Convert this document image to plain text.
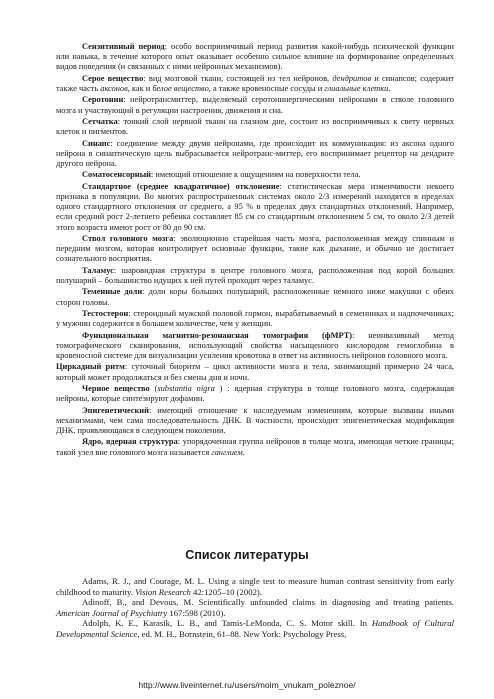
Сензитивный период: особо восприимчивый период развития какой-нибудь психической функции или навыка, в течение которого опыт оказывает особенно сильное влияние на формирование определенных видов поведения (и связанных с ними нейронных механизмов).

Серое вещество: вид мозговой ткани, состоящей из тел нейронов, дендритов и синапсов; содержит также часть аксонов, как и белое вещество, а также кровеносные сосуды и глиальные клетки.

Серотонин: нейротрансмиттер, выделяемый серотонинергическими нейронами в стволе головного мозга и участвующий в регуляции настроения, движения и сна.

Сетчатка: тонкий слой нервной ткани на глазном дне, состоит из восприимчивых к свету нервных клеток и пигментов.

Синапс: соединение между двумя нейронами, где происходит их коммуникация: из аксона одного нейрона в синаптическую щель выбрасывается нейротранс-миттер, его воспринимает рецептор на дендрите другого нейрона.

Соматосенсорный: имеющий отношение к ощущениям на поверхности тела.

Стандартное (среднее квадратичное) отклонение: статистическая мера изменчивости некоего признака в популяции. Во многих распространенных системах около 2/3 измерений находятся в пределах одного стандартного отклонения от среднего, а 95 % в пределах двух стандартных отклонений. Например, если средний рост 2-летнего ребенка составляет 85 см со стандартным отклонением 5 см, то около 2/3 детей этого возраста имеют рост от 80 до 90 см.

Ствол головного мозга: эволюционно старейшая часть мозга, расположенная между спинным и передним мозгом, которая контролирует основные функции, такие как дыхание, и обычно не достигает сознательного восприятия.

Таламус: шаровидная структура в центре головного мозга, расположенная под корой больших полушарий – большинство идущих к ней путей проходят через таламус.

Теменные доли: доли коры больших полушарий, расположенные немного ниже макушки с обеих сторон головы.

Тестостерон: стероидный мужской половой гормон, вырабатываемый в семенниках и надпочечниках; у мужчин содержится в большем количестве, чем у женщин.

Функциональная магнитно-резонансная томография (фМРТ): неинвазивный метод томографического сканирования, использующий свойства насыщенного кислородом гемоглобина в кровеносной системе для визуализации усиления кровотока в ответ на активность нейронов головного мозга.

Циркадный ритм: суточный биоритм – цикл активности мозга и тела, занимающий примерно 24 часа, который может продолжаться и без смены дня и ночи.

Черное вещество (substantia nigra ) : ядерная структура в толще головного мозга, содержащая нейроны, которые синтезируют дофамин.

Эпигенетический: имеющий отношение к наследуемым изменениям, которые вызваны иными механизмами, чем сама последовательность ДНК. В частности, происходит эпигенетическая модификация ДНК, проявляющаяся в следующем поколении.

Ядро, ядерная структура: упорядоченная группа нейронов в толще мозга, имеющая четкие границы; такой узел вне головного мозга называется ганглием.

Список литературы

Adams, R. J., and Courage, M. L. Using a single test to measure human contrast sensitivity from early childhood to maturity. Vision Research 42:1205–10 (2002).

Adinoff, B., and Devous, M. Scientifically unfounded claims in diagnosing and treating patients. American Journal of Psychiatry 167:598 (2010).

Adolph, K. E., Karasik, L. B., and Tamis-LeMonda, C. S. Motor skill. In Handbook of Cultural Developmental Science, ed. M. H., Bornstein, 61–88. New York: Psychology Press,

http://www.liveinternet.ru/users/moim_vnukam_poleznoe/
